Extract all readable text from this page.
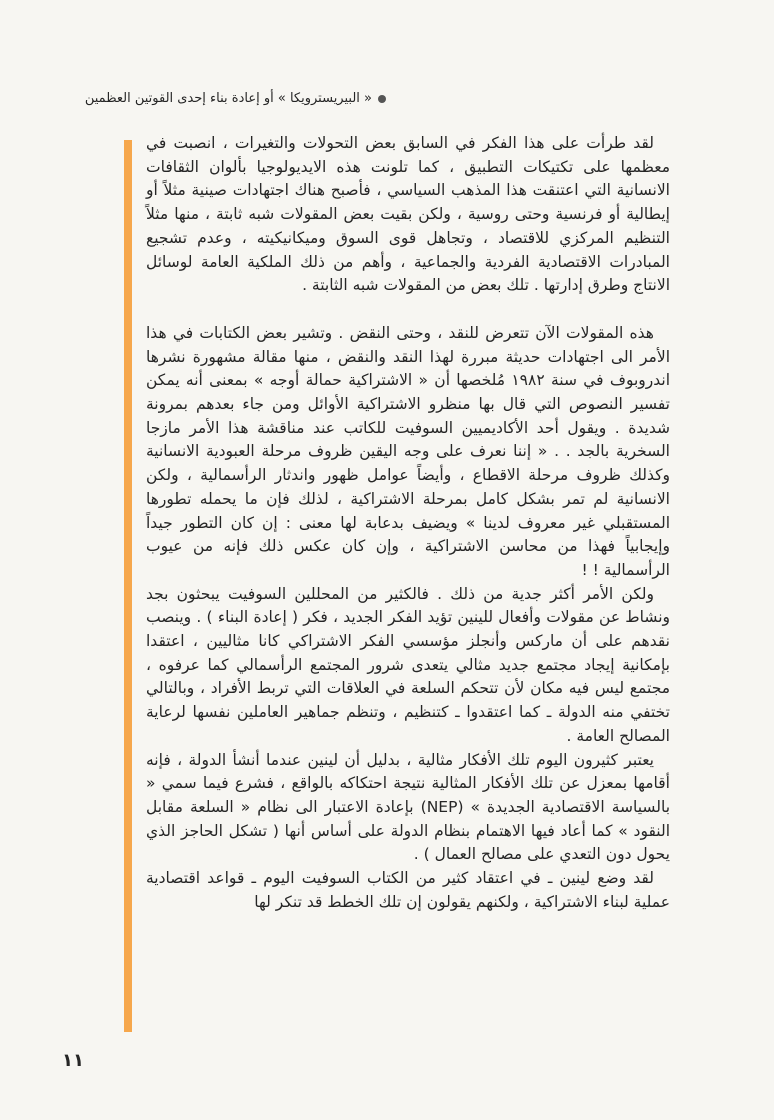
« البيريسترويكا » أو إعادة بناء إحدى القوتين العظمين

لقد طرأت على هذا الفكر في السابق بعض التحولات والتغيرات ، انصبت في معظمها على تكتيكات التطبيق ، كما تلونت هذه الايديولوجيا بألوان الثقافات الانسانية التي اعتنقت هذا المذهب السياسي ، فأصبح هناك اجتهادات صينية مثلاً أو إيطالية أو فرنسية وحتى روسية ، ولكن بقيت بعض المقولات شبه ثابتة ، منها مثلاً التنظيم المركزي للاقتصاد ، وتجاهل قوى السوق وميكانيكيته ، وعدم تشجيع المبادرات الاقتصادية الفردية والجماعية ، وأهم من ذلك الملكية العامة لوسائل الانتاج وطرق إدارتها . تلك بعض من المقولات شبه الثابتة .

هذه المقولات الآن تتعرض للنقد ، وحتى النقض . وتشير بعض الكتابات في هذا الأمر الى اجتهادات حديثة مبررة لهذا النقد والنقض ، منها مقالة مشهورة نشرها اندروبوف في سنة ١٩٨٢ مُلخصها أن « الاشتراكية حمالة أوجه » بمعنى أنه يمكن تفسير النصوص التي قال بها منظرو الاشتراكية الأوائل ومن جاء بعدهم بمرونة شديدة . ويقول أحد الأكاديميين السوفيت للكاتب عند مناقشة هذا الأمر مازجا السخرية بالجد . . « إننا نعرف على وجه اليقين ظروف مرحلة العبودية الانسانية وكذلك ظروف مرحلة الاقطاع ، وأيضاً عوامل ظهور واندثار الرأسمالية ، ولكن الانسانية لم تمر بشكل كامل بمرحلة الاشتراكية ، لذلك فإن ما يحمله تطورها المستقبلي غير معروف لدينا » ويضيف بدعابة لها معنى : إن كان التطور جيداً وإيجابياً فهذا من محاسن الاشتراكية ، وإن كان عكس ذلك فإنه من عيوب الرأسمالية ! !

ولكن الأمر أكثر جدية من ذلك . فالكثير من المحللين السوفيت يبحثون بجد ونشاط عن مقولات وأفعال للينين تؤيد الفكر الجديد ، فكر ( إعادة البناء ) . وينصب نقدهم على أن ماركس وأنجلز مؤسسي الفكر الاشتراكي كانا مثاليين ، اعتقدا بإمكانية إيجاد مجتمع جديد مثالي يتعدى شرور المجتمع الرأسمالي كما عرفوه ، مجتمع ليس فيه مكان لأن تتحكم السلعة في العلاقات التي تربط الأفراد ، وبالتالي تختفي منه الدولة ـ كما اعتقدوا ـ كتنظيم ، وتنظم جماهير العاملين نفسها لرعاية المصالح العامة .

يعتبر كثيرون اليوم تلك الأفكار مثالية ، بدليل أن لينين عندما أنشأ الدولة ، فإنه أقامها بمعزل عن تلك الأفكار المثالية نتيجة احتكاكه بالواقع ، فشرع فيما سمي « بالسياسة الاقتصادية الجديدة » (NEP) بإعادة الاعتبار الى نظام « السلعة مقابل النقود » كما أعاد فيها الاهتمام بنظام الدولة على أساس أنها ( تشكل الحاجز الذي يحول دون التعدي على مصالح العمال ) .

لقد وضع لينين ـ في اعتقاد كثير من الكتاب السوفيت اليوم ـ قواعد اقتصادية عملية لبناء الاشتراكية ، ولكنهم يقولون إن تلك الخطط قد تنكر لها

١١
